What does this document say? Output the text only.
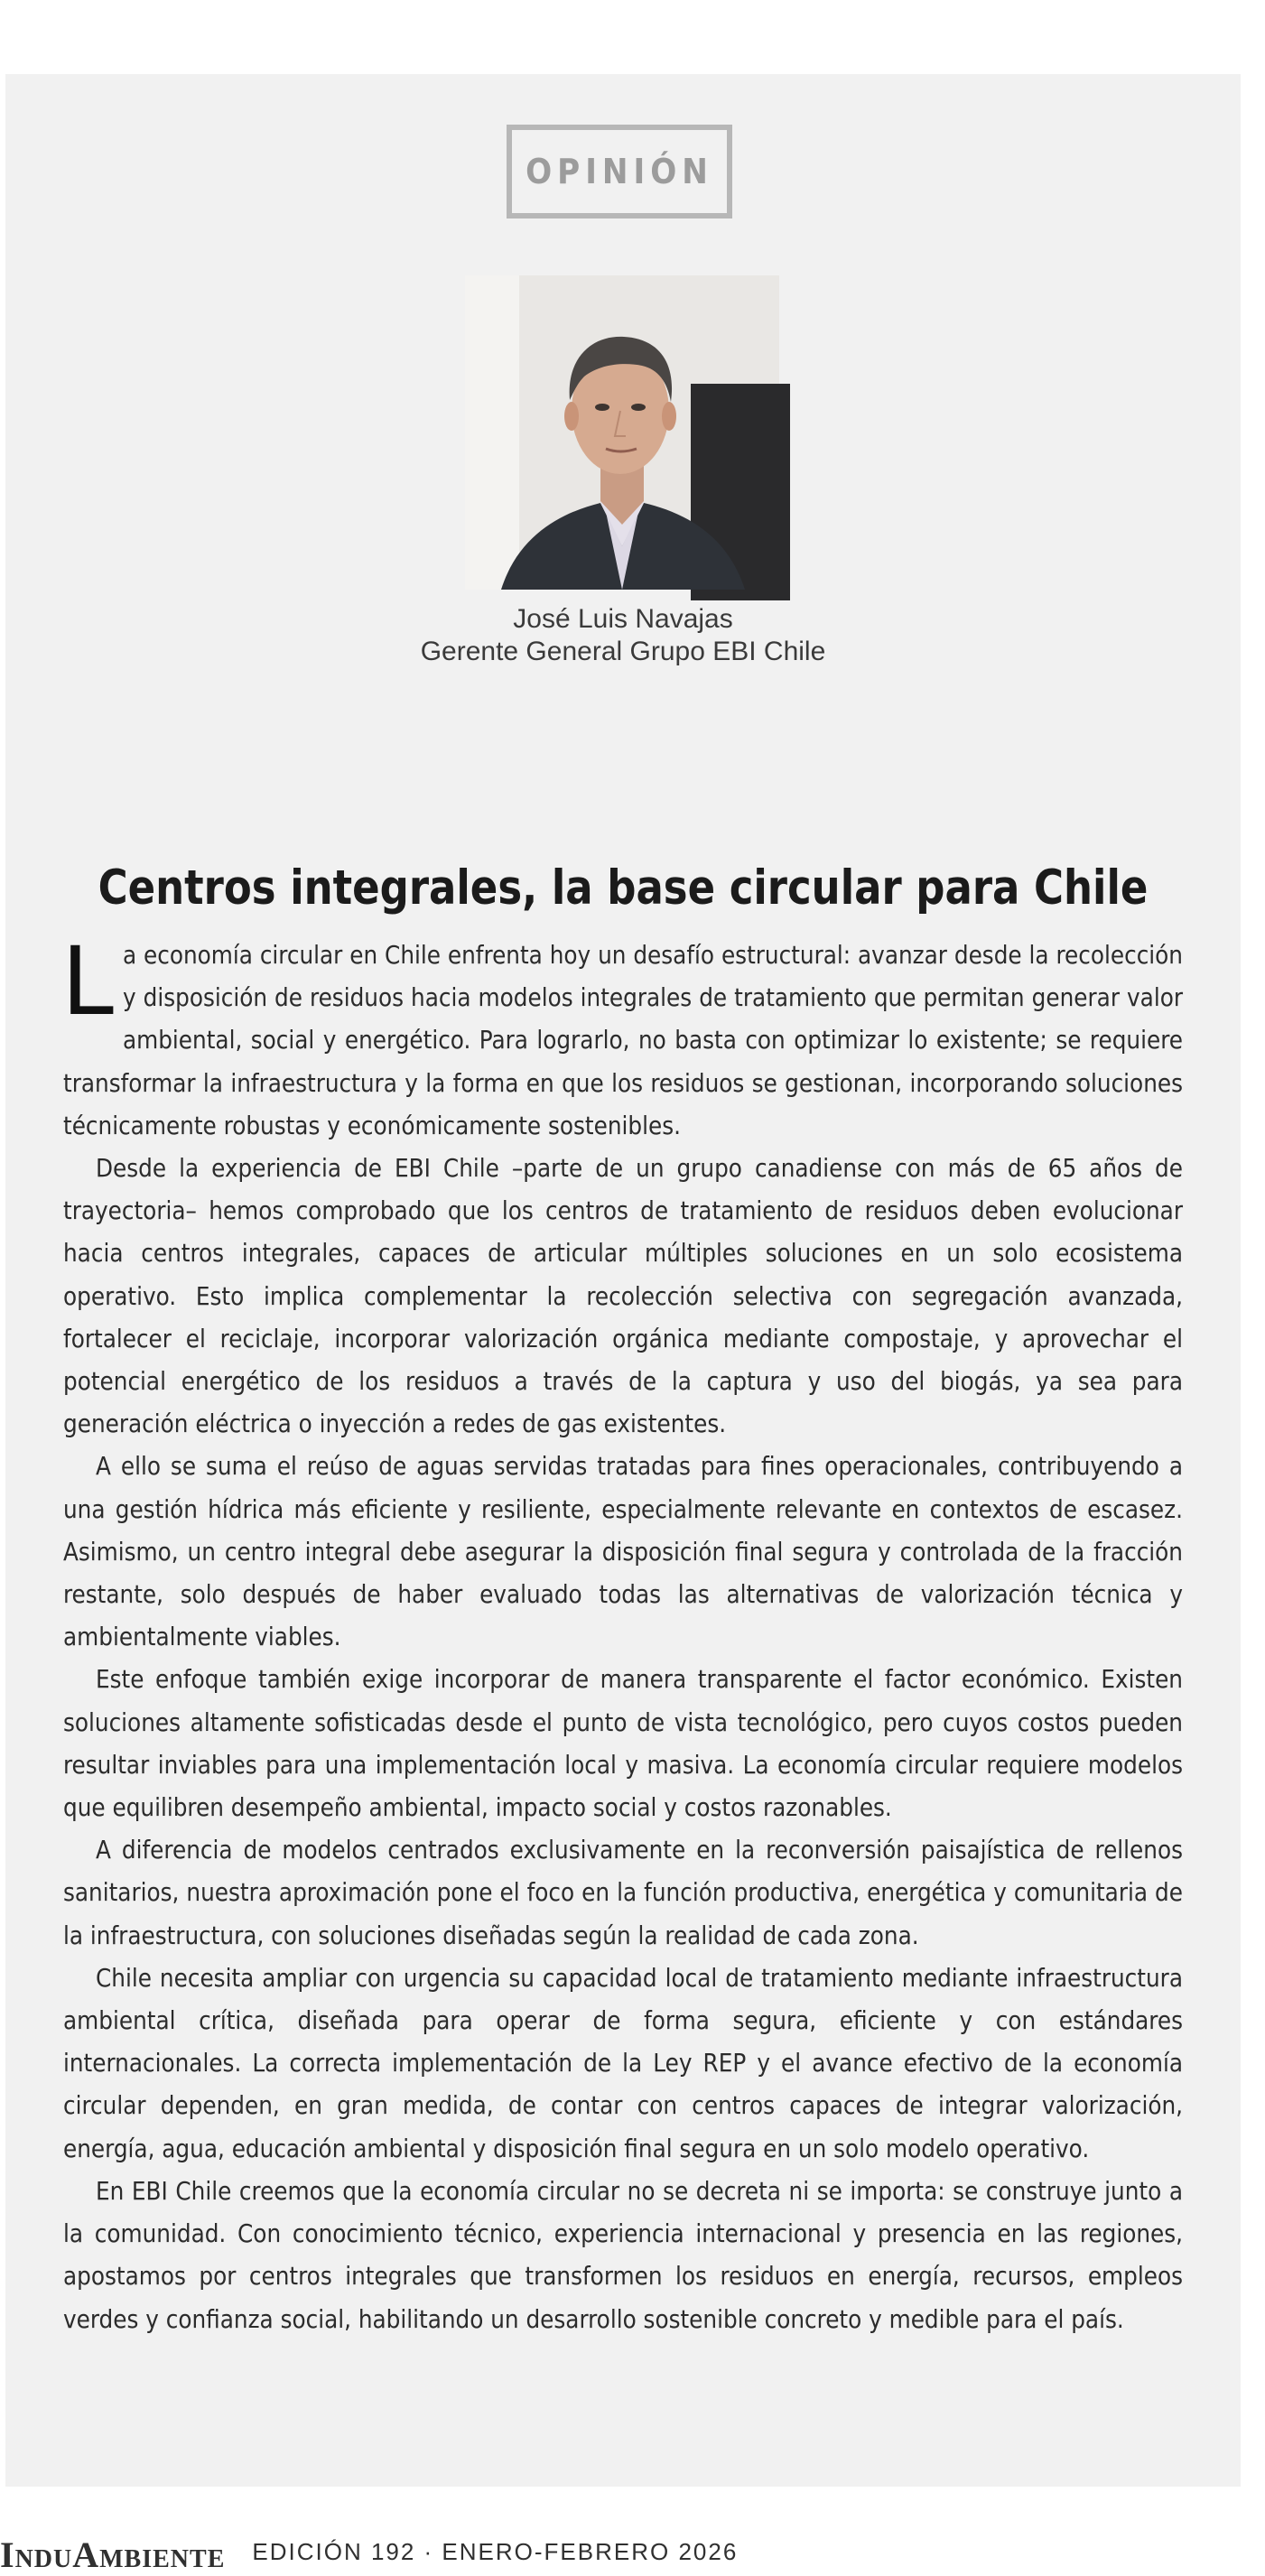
OPINIÓN
José Luis Navajas
Gerente General Grupo EBI Chile
Centros integrales, la base circular para Chile

La economía circular en Chile enfrenta hoy un desafío estructural: avanzar desde la recolección y disposición de residuos hacia modelos integrales de tratamiento que permitan generar valor ambiental, social y energético. Para lograrlo, no basta con optimizar lo existente; se requiere transformar la infraestructura y la forma en que los residuos se gestionan, incorporando soluciones técnicamente robustas y económicamente sostenibles.

Desde la experiencia de EBI Chile –parte de un grupo canadiense con más de 65 años de trayectoria– hemos comprobado que los centros de tratamiento de residuos deben evolucionar hacia centros integrales, capaces de articular múltiples soluciones en un solo ecosistema operativo. Esto implica complementar la recolección selectiva con segregación avanzada, fortalecer el reciclaje, incorporar valorización orgánica mediante compostaje, y aprovechar el potencial energético de los residuos a través de la captura y uso del biogás, ya sea para generación eléctrica o inyección a redes de gas existentes.

A ello se suma el reúso de aguas servidas tratadas para fines operacionales, contribuyendo a una gestión hídrica más eficiente y resiliente, especialmente relevante en contextos de escasez. Asimismo, un centro integral debe asegurar la disposición final segura y controlada de la fracción restante, solo después de haber evaluado todas las alternativas de valorización técnica y ambientalmente viables.

Este enfoque también exige incorporar de manera transparente el factor económico. Existen soluciones altamente sofisticadas desde el punto de vista tecnológico, pero cuyos costos pueden resultar inviables para una implementación local y masiva. La economía circular requiere modelos que equilibren desempeño ambiental, impacto social y costos razonables.

A diferencia de modelos centrados exclusivamente en la reconversión paisajística de rellenos sanitarios, nuestra aproximación pone el foco en la función productiva, energética y comunitaria de la infraestructura, con soluciones diseñadas según la realidad de cada zona.

Chile necesita ampliar con urgencia su capacidad local de tratamiento mediante infraestructura ambiental crítica, diseñada para operar de forma segura, eficiente y con estándares internacionales. La correcta implementación de la Ley REP y el avance efectivo de la economía circular dependen, en gran medida, de contar con centros capaces de integrar valorización, energía, agua, educación ambiental y disposición final segura en un solo modelo operativo.

En EBI Chile creemos que la economía circular no se decreta ni se importa: se construye junto a la comunidad. Con conocimiento técnico, experiencia internacional y presencia en las regiones, apostamos por centros integrales que transformen los residuos en energía, recursos, empleos verdes y confianza social, habilitando un desarrollo sostenible concreto y medible para el país.

InduAmbiente EDICIÓN 192 · ENERO-FEBRERO 2026
